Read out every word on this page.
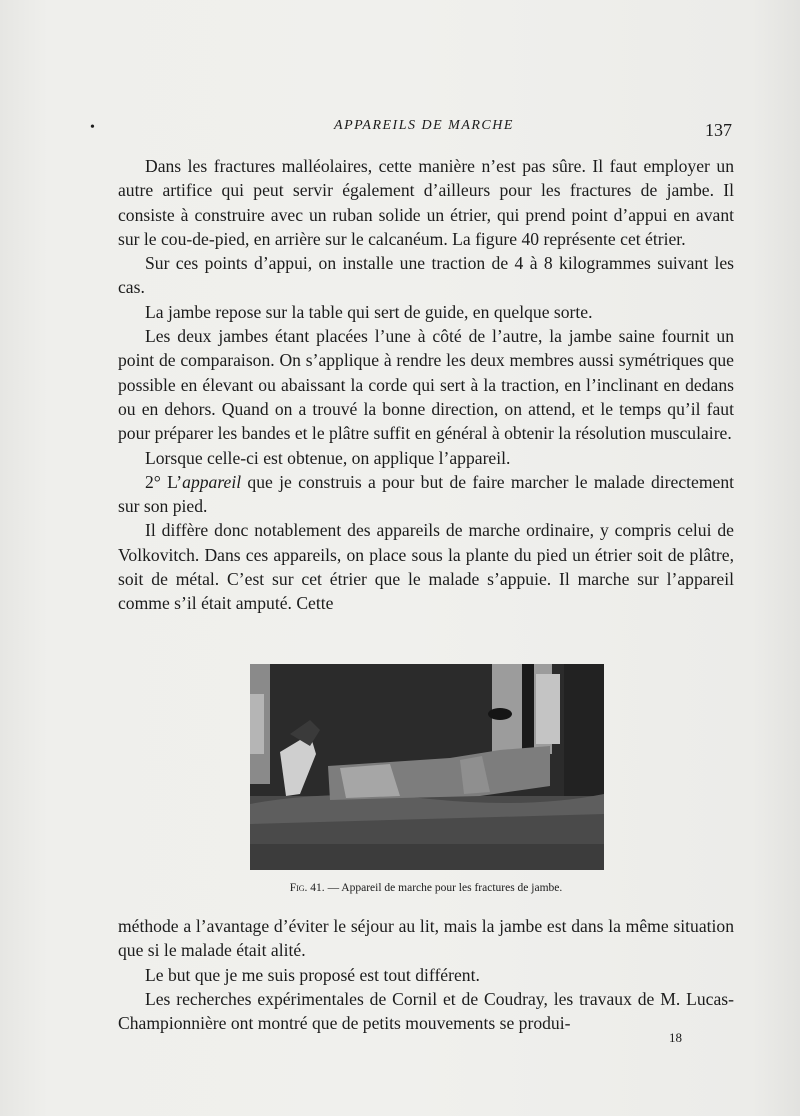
•	APPAREILS DE MARCHE	137

Dans les fractures malléolaires, cette manière n’est pas sûre. Il faut employer un autre artifice qui peut servir également d’ailleurs pour les fractures de jambe. Il consiste à construire avec un ruban solide un étrier, qui prend point d’appui en avant sur le cou-de-pied, en arrière sur le calcanéum. La figure 40 représente cet étrier.

Sur ces points d’appui, on installe une traction de 4 à 8 kilogrammes suivant les cas.

La jambe repose sur la table qui sert de guide, en quelque sorte.

Les deux jambes étant placées l’une à côté de l’autre, la jambe saine fournit un point de comparaison. On s’applique à rendre les deux membres aussi symétriques que possible en élevant ou abaissant la corde qui sert à la traction, en l’inclinant en dedans ou en dehors. Quand on a trouvé la bonne direction, on attend, et le temps qu’il faut pour préparer les bandes et le plâtre suffit en général à obtenir la résolution musculaire.

Lorsque celle-ci est obtenue, on applique l’appareil.

2° L’appareil que je construis a pour but de faire marcher le malade directement sur son pied.

Il diffère donc notablement des appareils de marche ordinaire, y compris celui de Volkovitch. Dans ces appareils, on place sous la plante du pied un étrier soit de plâtre, soit de métal. C’est sur cet étrier que le malade s’appuie. Il marche sur l’appareil comme s’il était amputé. Cette

Fig. 41. — Appareil de marche pour les fractures de jambe.

méthode a l’avantage d’éviter le séjour au lit, mais la jambe est dans la même situation que si le malade était alité.

Le but que je me suis proposé est tout différent.

Les recherches expérimentales de Cornil et de Coudray, les travaux de M. Lucas-Championnière ont montré que de petits mouvements se produi-

18
